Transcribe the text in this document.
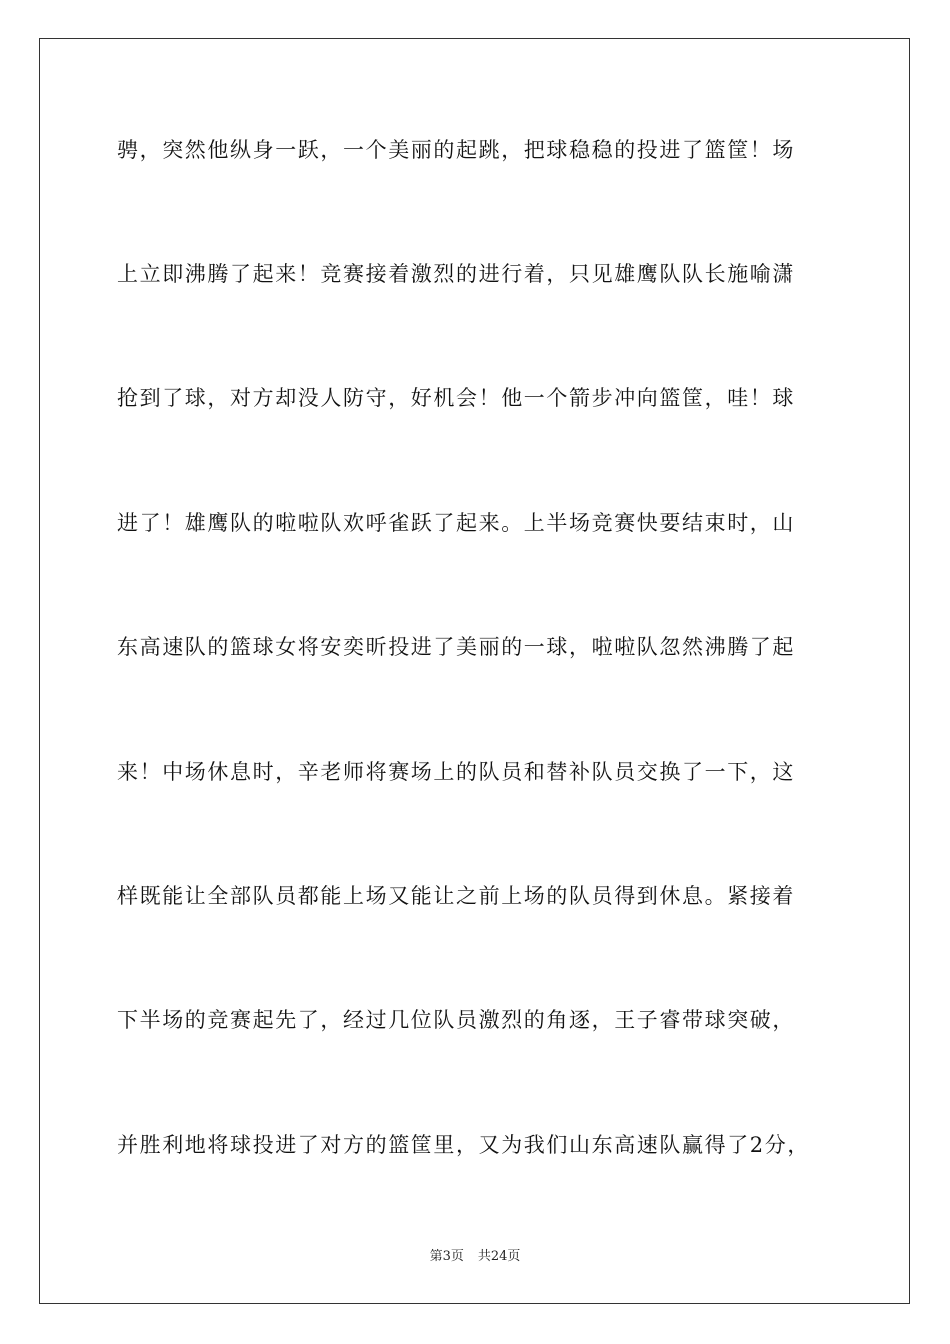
骋，突然他纵身一跃，一个美丽的起跳，把球稳稳的投进了篮筐！场
上立即沸腾了起来！竞赛接着激烈的进行着，只见雄鹰队队长施喻潇
抢到了球，对方却没人防守，好机会！他一个箭步冲向篮筐，哇！球
进了！雄鹰队的啦啦队欢呼雀跃了起来。上半场竞赛快要结束时，山
东高速队的篮球女将安奕昕投进了美丽的一球，啦啦队忽然沸腾了起
来！中场休息时，辛老师将赛场上的队员和替补队员交换了一下，这
样既能让全部队员都能上场又能让之前上场的队员得到休息。紧接着
下半场的竞赛起先了，经过几位队员激烈的角逐，王子睿带球突破，
并胜利地将球投进了对方的篮筐里，又为我们山东高速队赢得了2分，
第3页 共24页
